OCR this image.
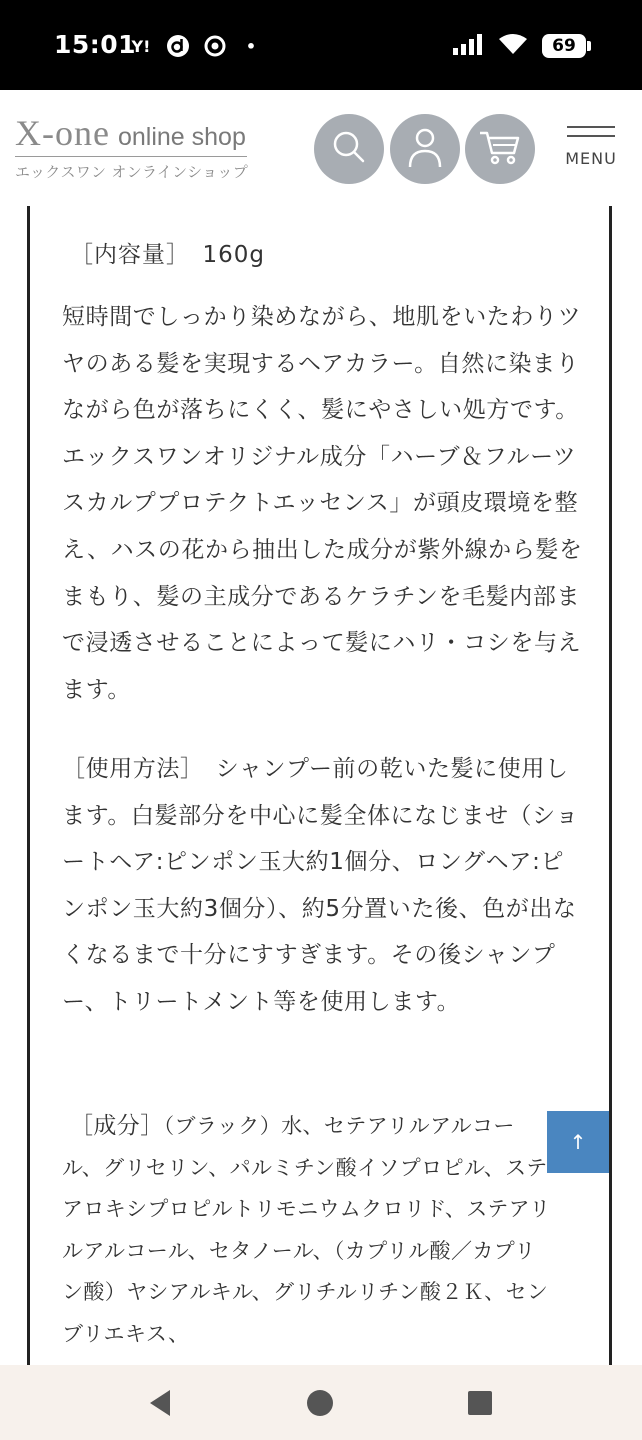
15:01
Y!	•	69
X-one online shop
エックスワン オンラインショップ
MENU
［内容量］　160g

短時間でしっかり染めながら、地肌をいたわりツヤのある髪を実現するヘアカラー。自然に染まりながら色が落ちにくく、髪にやさしい処方です。エックスワンオリジナル成分「ハーブ＆フルーツスカルププロテクトエッセンス」が頭皮環境を整え、ハスの花から抽出した成分が紫外線から髪をまもり、髪の主成分であるケラチンを毛髪内部まで浸透させることによって髪にハリ・コシを与えます。

［使用方法］　シャンプー前の乾いた髪に使用します。白髪部分を中心に髪全体になじませ（ショートヘア:ピンポン玉大約1個分、ロングヘア:ピンポン玉大約3個分）、約5分置いた後、色が出なくなるまで十分にすすぎます。その後シャンプー、トリートメント等を使用します。

［成分］（ブラック）水、セテアリルアルコール、グリセリン、パルミチン酸イソプロピル、ステアロキシプロピルトリモニウムクロリド、ステアリルアルコール、セタノール、（カプリル酸／カプリン酸）ヤシアルキル、グリチルリチン酸２Ｋ、センブリエキス、

↑
